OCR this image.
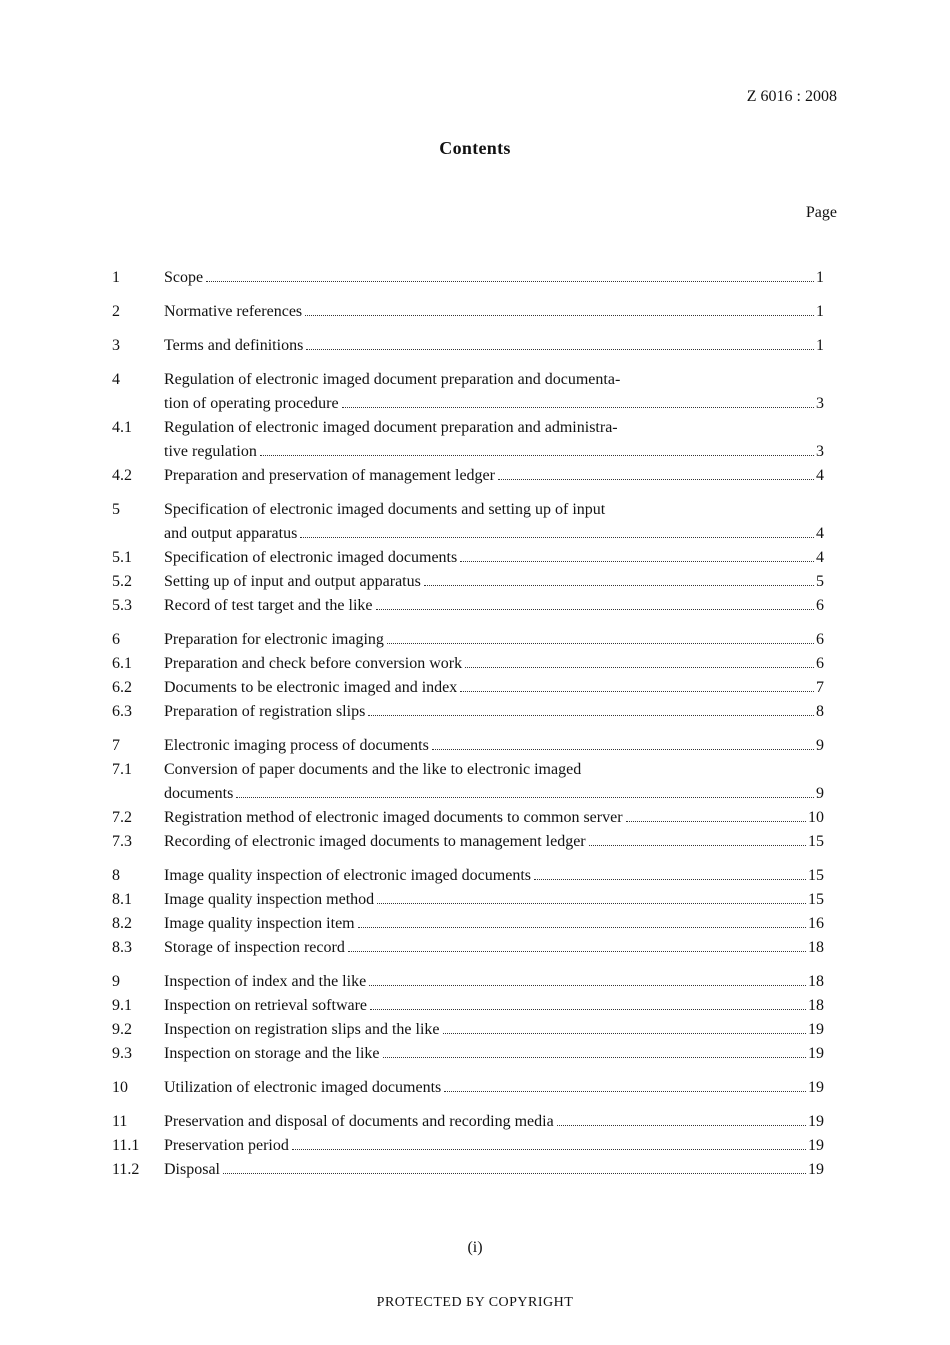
Z 6016 : 2008
Contents
Page
1	Scope	1
2	Normative references	1
3	Terms and definitions	1
4	Regulation of electronic imaged document preparation and documenta-
tion of operating procedure	3
4.1	Regulation of electronic imaged document preparation and administra-
tive regulation	3
4.2	Preparation and preservation of management ledger	4
5	Specification of electronic imaged documents and setting up of input
and output apparatus	4
5.1	Specification of electronic imaged documents	4
5.2	Setting up of input and output apparatus	5
5.3	Record of test target and the like	6
6	Preparation for electronic imaging	6
6.1	Preparation and check before conversion work	6
6.2	Documents to be electronic imaged and index	7
6.3	Preparation of registration slips	8
7	Electronic imaging process of documents	9
7.1	Conversion of paper documents and the like to electronic imaged
documents	9
7.2	Registration method of electronic imaged documents to common server	10
7.3	Recording of electronic imaged documents to management ledger	15
8	Image quality inspection of electronic imaged documents	15
8.1	Image quality inspection method	15
8.2	Image quality inspection item	16
8.3	Storage of inspection record	18
9	Inspection of index and the like	18
9.1	Inspection on retrieval software	18
9.2	Inspection on registration slips and the like	19
9.3	Inspection on storage and the like	19
10	Utilization of electronic imaged documents	19
11	Preservation and disposal of documents and recording media	19
11.1	Preservation period	19
11.2	Disposal	19
(i)
PROTECTED БY COPYRIGHT
